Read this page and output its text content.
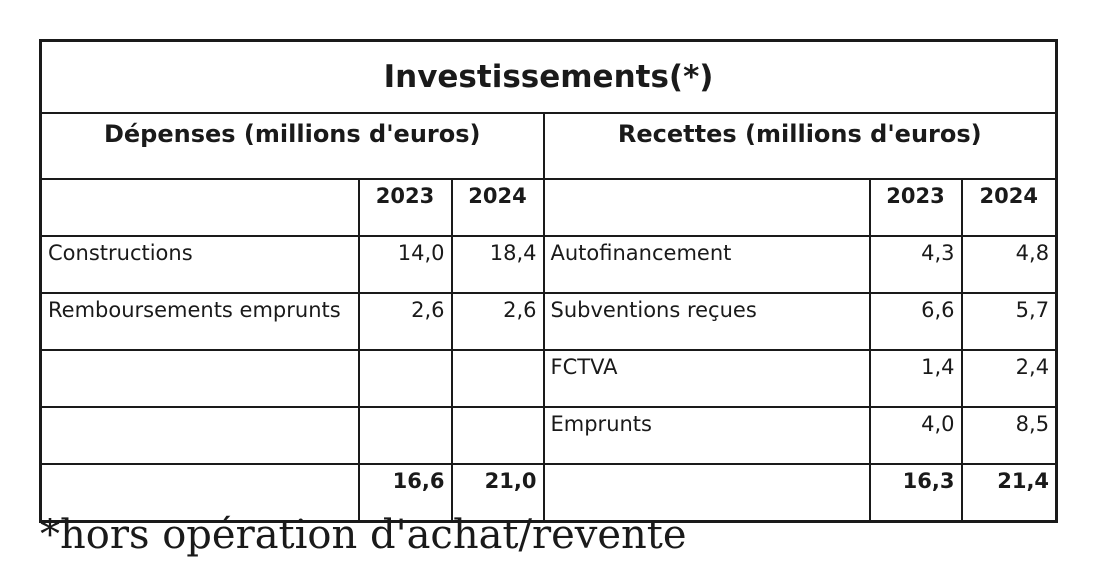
Investissements(*)					
Dépenses (millions d'euros)			Recettes (millions d'euros)		
	2023	2024		2023	2024
Constructions	14,0	18,4	Autofinancement	4,3	4,8
Remboursements emprunts	2,6	2,6	Subventions reçues	6,6	5,7
			FCTVA	1,4	2,4
			Emprunts	4,0	8,5
	16,6	21,0		16,3	21,4
*hors opération d'achat/revente
